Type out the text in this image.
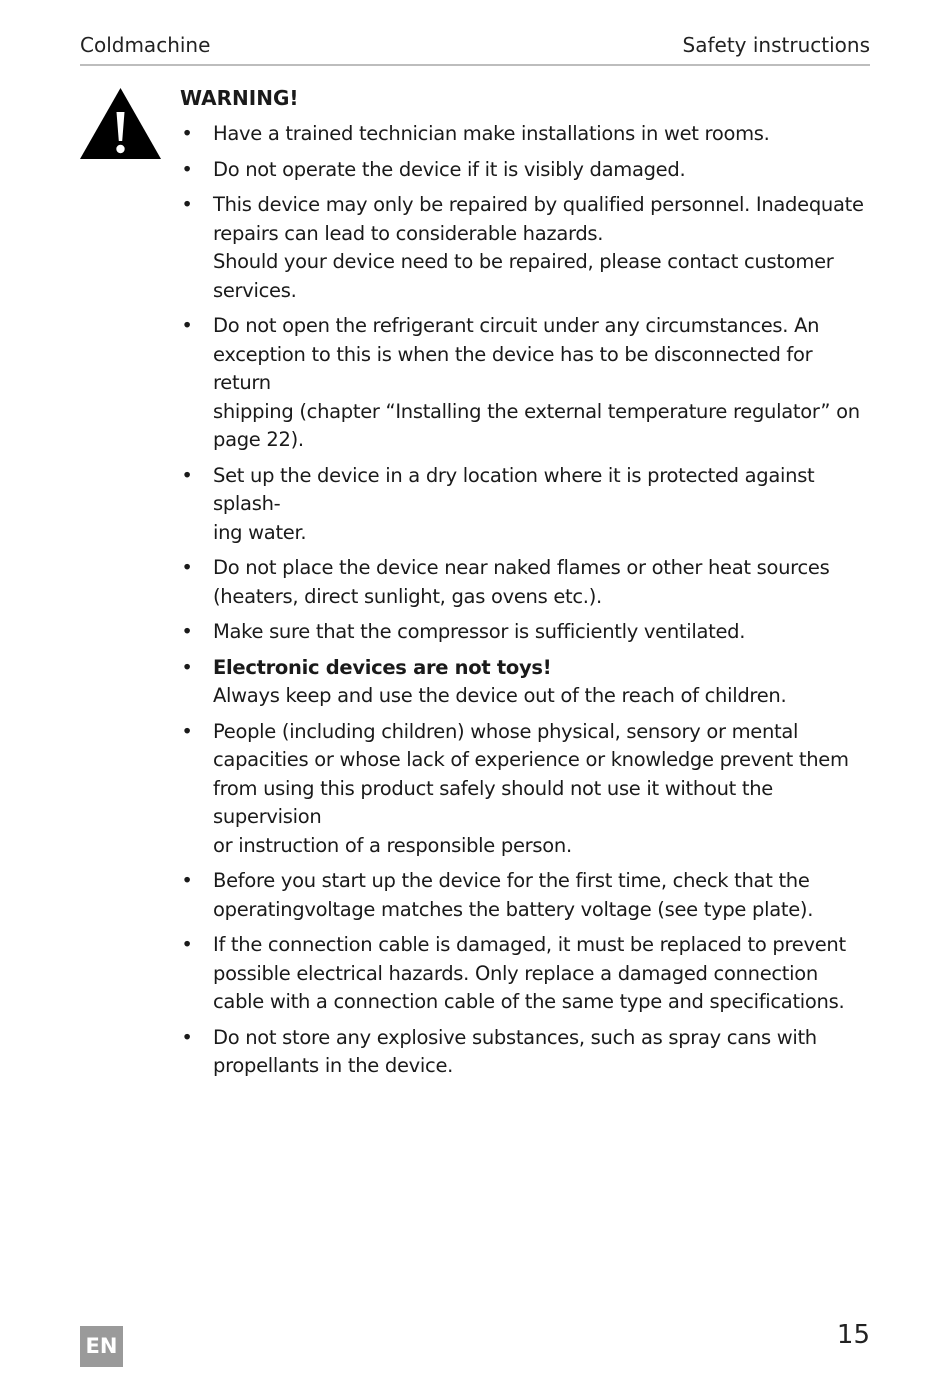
Coldmachine	Safety instructions
WARNING!
• Have a trained technician make installations in wet rooms.
• Do not operate the device if it is visibly damaged.
• This device may only be repaired by qualified personnel. Inadequate
repairs can lead to considerable hazards.
Should your device need to be repaired, please contact customer
services.
• Do not open the refrigerant circuit under any circumstances. An
exception to this is when the device has to be disconnected for return
shipping (chapter “Installing the external temperature regulator” on
page 22).
• Set up the device in a dry location where it is protected against splash-
ing water.
• Do not place the device near naked flames or other heat sources
(heaters, direct sunlight, gas ovens etc.).
• Make sure that the compressor is sufficiently ventilated.
• Electronic devices are not toys!
Always keep and use the device out of the reach of children.
• People (including children) whose physical, sensory or mental
capacities or whose lack of experience or knowledge prevent them
from using this product safely should not use it without the supervision
or instruction of a responsible person.
• Before you start up the device for the first time, check that the
operatingvoltage matches the battery voltage (see type plate).
• If the connection cable is damaged, it must be replaced to prevent
possible electrical hazards. Only replace a damaged connection
cable with a connection cable of the same type and specifications.
• Do not store any explosive substances, such as spray cans with
propellants in the device.
EN	15
